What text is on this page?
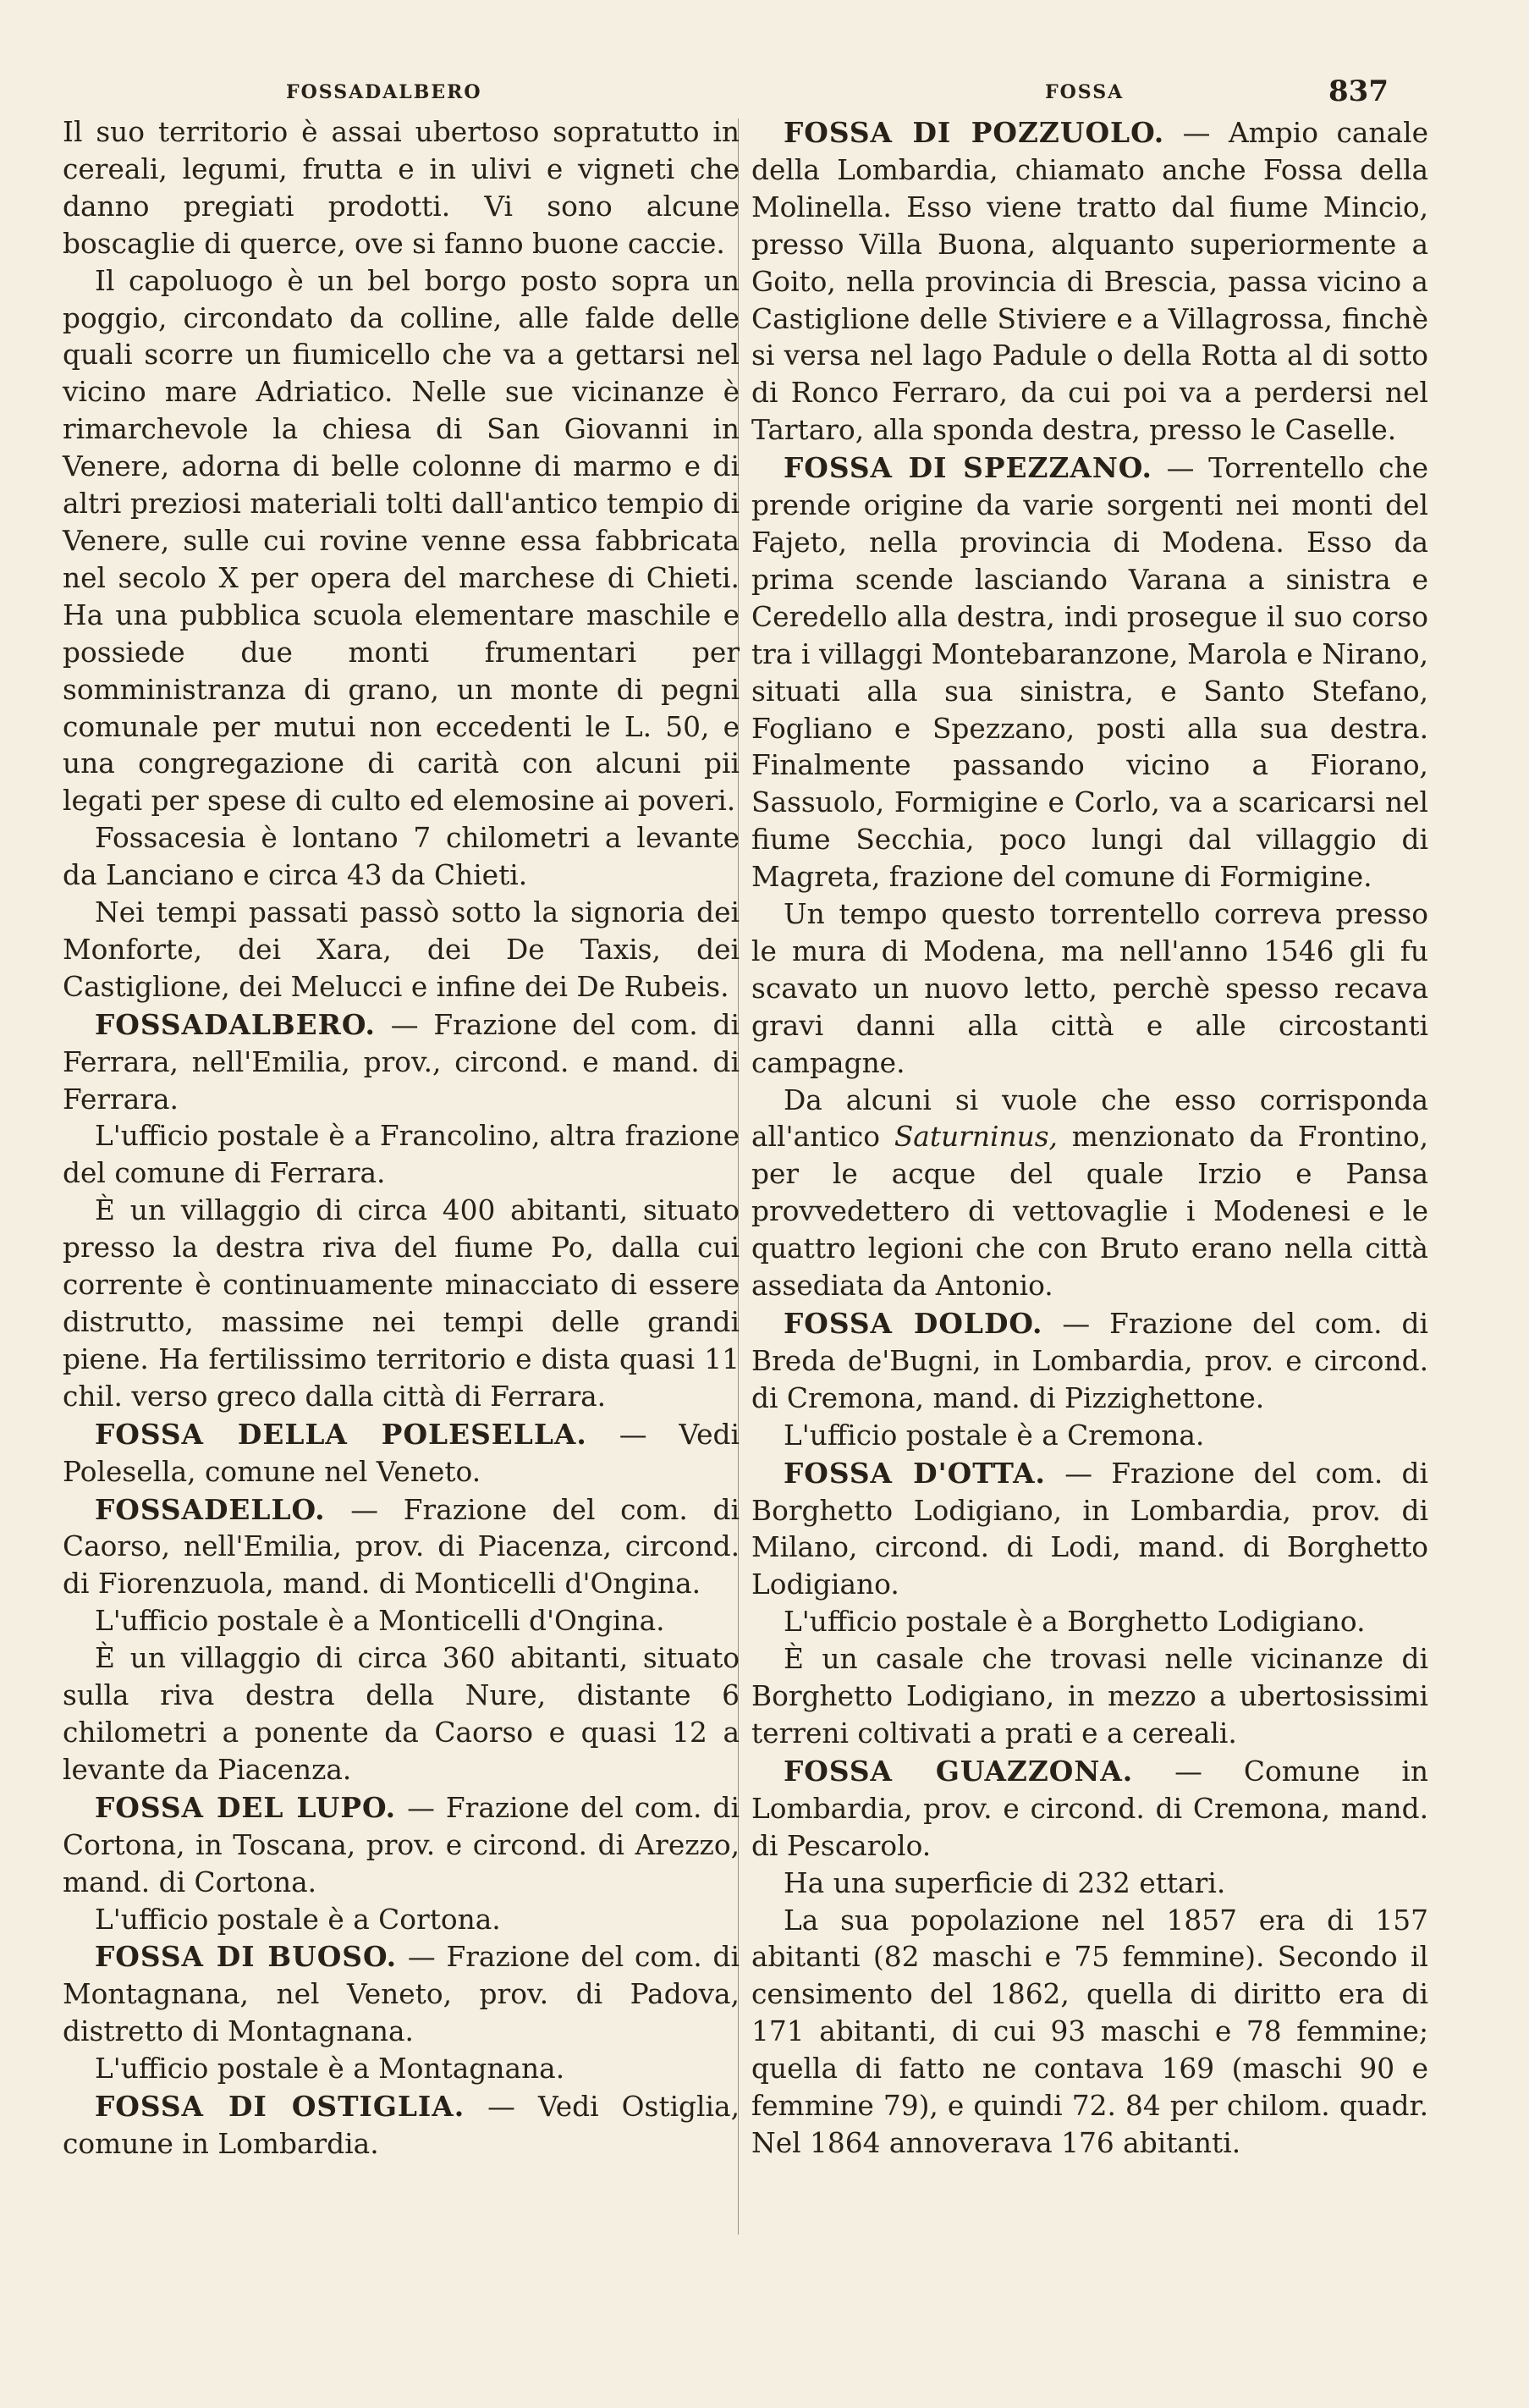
FOSSADALBERO	FOSSA	837

Il suo territorio è assai ubertoso sopratutto in cereali, legumi, frutta e in ulivi e vigneti che danno pregiati prodotti. Vi sono alcune boscaglie di querce, ove si fanno buone caccie.

Il capoluogo è un bel borgo posto sopra un poggio, circondato da colline, alle falde delle quali scorre un fiumicello che va a gettarsi nel vicino mare Adriatico. Nelle sue vicinanze è rimarchevole la chiesa di San Giovanni in Venere, adorna di belle colonne di marmo e di altri preziosi materiali tolti dall'antico tempio di Venere, sulle cui rovine venne essa fabbricata nel secolo X per opera del marchese di Chieti. Ha una pubblica scuola elementare maschile e possiede due monti frumentari per somministranza di grano, un monte di pegni comunale per mutui non eccedenti le L. 50, e una congregazione di carità con alcuni pii legati per spese di culto ed elemosine ai poveri.

Fossacesia è lontano 7 chilometri a levante da Lanciano e circa 43 da Chieti.

Nei tempi passati passò sotto la signoria dei Monforte, dei Xara, dei De Taxis, dei Castiglione, dei Melucci e infine dei De Rubeis.

FOSSADALBERO. — Frazione del com. di Ferrara, nell'Emilia, prov., circond. e mand. di Ferrara.

L'ufficio postale è a Francolino, altra frazione del comune di Ferrara.

È un villaggio di circa 400 abitanti, situato presso la destra riva del fiume Po, dalla cui corrente è continuamente minacciato di essere distrutto, massime nei tempi delle grandi piene. Ha fertilissimo territorio e dista quasi 11 chil. verso greco dalla città di Ferrara.

FOSSA DELLA POLESELLA. — Vedi Polesella, comune nel Veneto.

FOSSADELLO. — Frazione del com. di Caorso, nell'Emilia, prov. di Piacenza, circond. di Fiorenzuola, mand. di Monticelli d'Ongina.

L'ufficio postale è a Monticelli d'Ongina.

È un villaggio di circa 360 abitanti, situato sulla riva destra della Nure, distante 6 chilometri a ponente da Caorso e quasi 12 a levante da Piacenza.

FOSSA DEL LUPO. — Frazione del com. di Cortona, in Toscana, prov. e circond. di Arezzo, mand. di Cortona.

L'ufficio postale è a Cortona.

FOSSA DI BUOSO. — Frazione del com. di Montagnana, nel Veneto, prov. di Padova, distretto di Montagnana.

L'ufficio postale è a Montagnana.

FOSSA DI OSTIGLIA. — Vedi Ostiglia, comune in Lombardia.

FOSSA DI POZZUOLO. — Ampio canale della Lombardia, chiamato anche Fossa della Molinella. Esso viene tratto dal fiume Mincio, presso Villa Buona, alquanto superiormente a Goito, nella provincia di Brescia, passa vicino a Castiglione delle Stiviere e a Villagrossa, finchè si versa nel lago Padule o della Rotta al di sotto di Ronco Ferraro, da cui poi va a perdersi nel Tartaro, alla sponda destra, presso le Caselle.

FOSSA DI SPEZZANO. — Torrentello che prende origine da varie sorgenti nei monti del Fajeto, nella provincia di Modena. Esso da prima scende lasciando Varana a sinistra e Ceredello alla destra, indi prosegue il suo corso tra i villaggi Montebaranzone, Marola e Nirano, situati alla sua sinistra, e Santo Stefano, Fogliano e Spezzano, posti alla sua destra. Finalmente passando vicino a Fiorano, Sassuolo, Formigine e Corlo, va a scaricarsi nel fiume Secchia, poco lungi dal villaggio di Magreta, frazione del comune di Formigine.

Un tempo questo torrentello correva presso le mura di Modena, ma nell'anno 1546 gli fu scavato un nuovo letto, perchè spesso recava gravi danni alla città e alle circostanti campagne.

Da alcuni si vuole che esso corrisponda all'antico Saturninus, menzionato da Frontino, per le acque del quale Irzio e Pansa provvedettero di vettovaglie i Modenesi e le quattro legioni che con Bruto erano nella città assediata da Antonio.

FOSSA DOLDO. — Frazione del com. di Breda de'Bugni, in Lombardia, prov. e circond. di Cremona, mand. di Pizzighettone.

L'ufficio postale è a Cremona.

FOSSA D'OTTA. — Frazione del com. di Borghetto Lodigiano, in Lombardia, prov. di Milano, circond. di Lodi, mand. di Borghetto Lodigiano.

L'ufficio postale è a Borghetto Lodigiano.

È un casale che trovasi nelle vicinanze di Borghetto Lodigiano, in mezzo a ubertosissimi terreni coltivati a prati e a cereali.

FOSSA GUAZZONA. — Comune in Lombardia, prov. e circond. di Cremona, mand. di Pescarolo.

Ha una superficie di 232 ettari.

La sua popolazione nel 1857 era di 157 abitanti (82 maschi e 75 femmine). Secondo il censimento del 1862, quella di diritto era di 171 abitanti, di cui 93 maschi e 78 femmine; quella di fatto ne contava 169 (maschi 90 e femmine 79), e quindi 72. 84 per chilom. quadr. Nel 1864 annoverava 176 abitanti.
